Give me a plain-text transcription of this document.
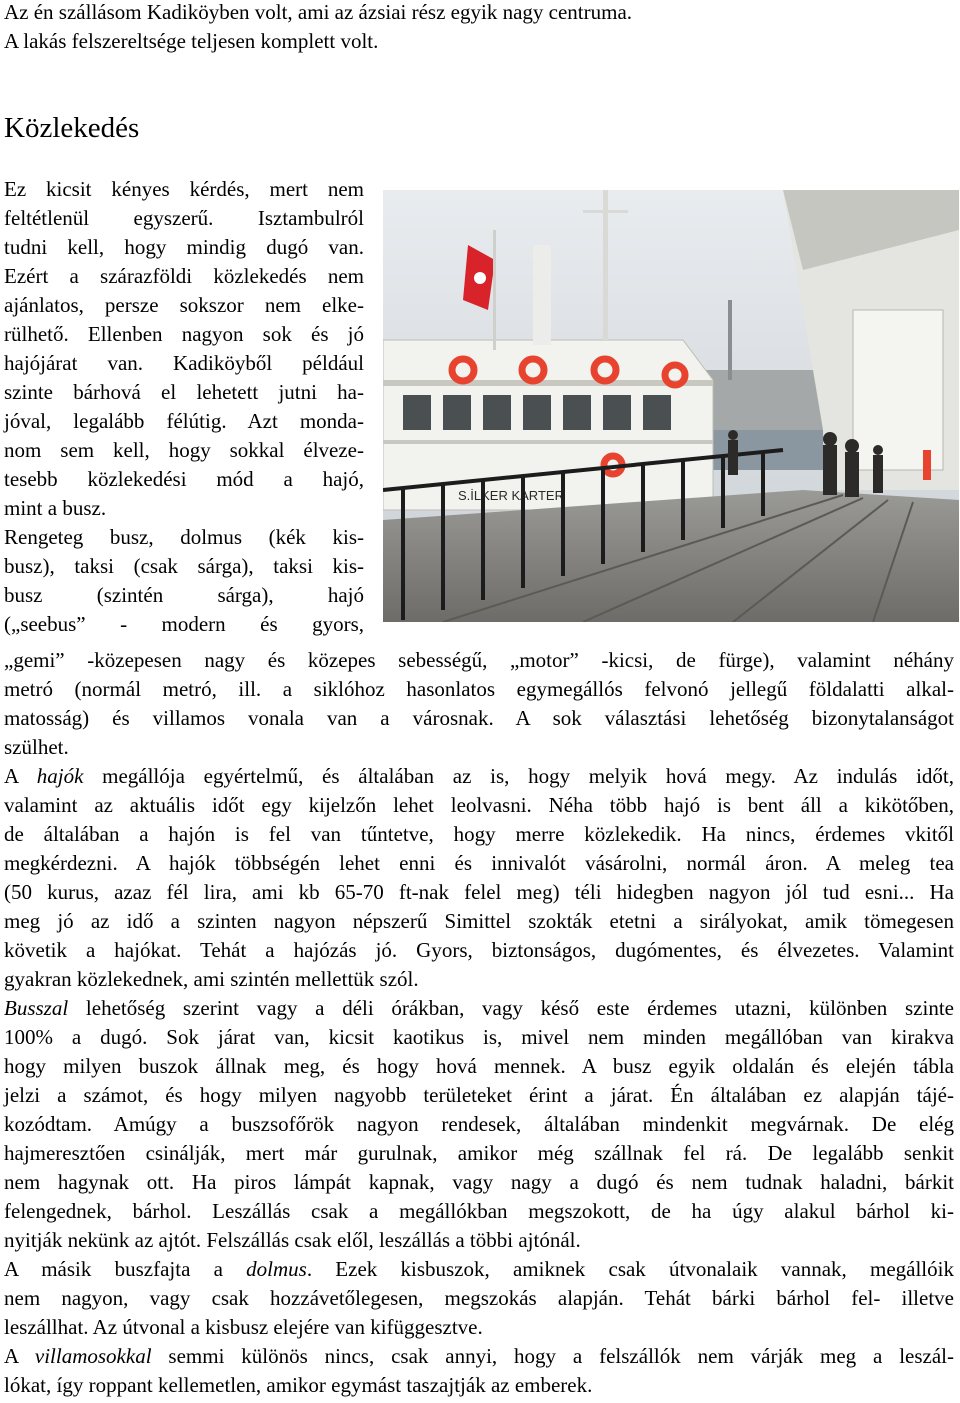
Az én szállásom Kadiköyben volt, ami az ázsiai rész egyik nagy centruma.
A lakás felszereltsége teljesen komplett volt.
Közlekedés
Ez kicsit kényes kérdés, mert nem
feltétlenül egyszerű. Isztambulról
tudni kell, hogy mindig dugó van.
Ezért a szárazföldi közlekedés nem
ajánlatos, persze sokszor nem elke-
rülhető. Ellenben nagyon sok és jó
hajójárat van. Kadiköyből például
szinte bárhová el lehetett jutni ha-
jóval, legalább félútig. Azt monda-
nom sem kell, hogy sokkal élveze-
tesebb közlekedési mód a hajó,
mint a busz.
Rengeteg busz, dolmus (kék kis-
busz), taksi (csak sárga), taksi kis-
busz (szintén sárga), hajó
(„seebus” - modern és gyors,
S.İLKER KARTER
„gemi” -közepesen nagy és közepes sebességű, „motor” -kicsi, de fürge), valamint néhány
metró (normál metró, ill. a siklóhoz hasonlatos egymegállós felvonó jellegű földalatti alkal-
matosság) és villamos vonala van a városnak. A sok választási lehetőség bizonytalanságot
szülhet.
A hajók megállója egyértelmű, és általában az is, hogy melyik hová megy. Az indulás időt,
valamint az aktuális időt egy kijelzőn lehet leolvasni. Néha több hajó is bent áll a kikötőben,
de általában a hajón is fel van tűntetve, hogy merre közlekedik. Ha nincs, érdemes vkitől
megkérdezni. A hajók többségén lehet enni és innivalót vásárolni, normál áron. A meleg tea
(50 kurus, azaz fél lira, ami kb 65-70 ft-nak felel meg) téli hidegben nagyon jól tud esni... Ha
meg jó az idő a szinten nagyon népszerű Simittel szokták etetni a sirályokat, amik tömegesen
követik a hajókat. Tehát a hajózás jó. Gyors, biztonságos, dugómentes, és élvezetes. Valamint
gyakran közlekednek, ami szintén mellettük szól.
Busszal lehetőség szerint vagy a déli órákban, vagy késő este érdemes utazni, különben szinte
100% a dugó. Sok járat van, kicsit kaotikus is, mivel nem minden megállóban van kirakva
hogy milyen buszok állnak meg, és hogy hová mennek. A busz egyik oldalán és elején tábla
jelzi a számot, és hogy milyen nagyobb területeket érint a járat. Én általában ez alapján tájé-
kozódtam. Amúgy a buszsofőrök nagyon rendesek, általában mindenkit megvárnak. De elég
hajmeresztően csinálják, mert már gurulnak, amikor még szállnak fel rá. De legalább senkit
nem hagynak ott. Ha piros lámpát kapnak, vagy nagy a dugó és nem tudnak haladni, bárkit
felengednek, bárhol. Leszállás csak a megállókban megszokott, de ha úgy alakul bárhol ki-
nyitják nekünk az ajtót. Felszállás csak elől, leszállás a többi ajtónál.
A másik buszfajta a dolmus. Ezek kisbuszok, amiknek csak útvonalaik vannak, megállóik
nem nagyon, vagy csak hozzávetőlegesen, megszokás alapján. Tehát bárki bárhol fel- illetve
leszállhat. Az útvonal a kisbusz elejére van kifüggesztve.
A villamosokkal semmi különös nincs, csak annyi, hogy a felszállók nem várják meg a leszál-
lókat, így roppant kellemetlen, amikor egymást taszajtják az emberek.
